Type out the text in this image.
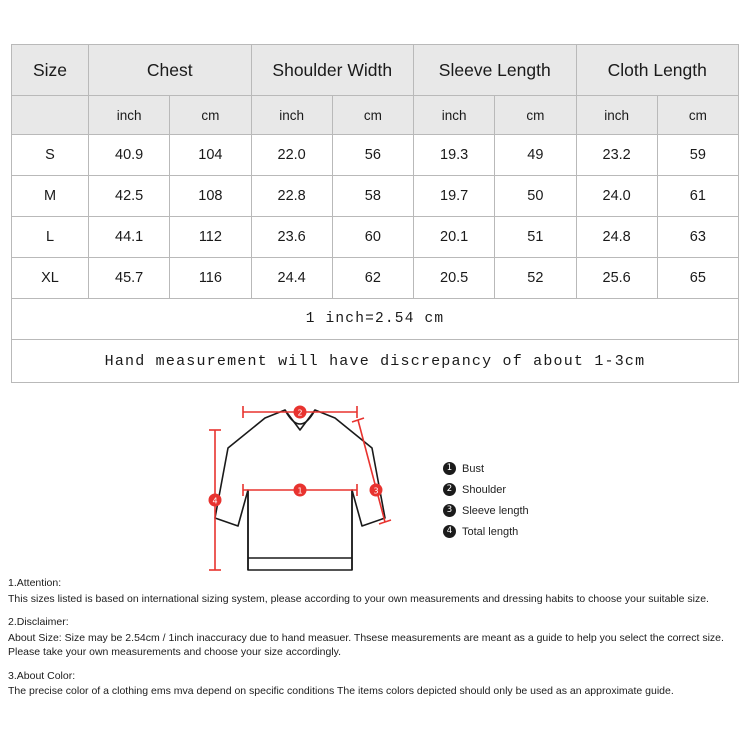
Size	Chest		Shoulder Width		Sleeve Length		Cloth Length	
	inch	cm	inch	cm	inch	cm	inch	cm
S	40.9	104	22.0	56	19.3	49	23.2	59
M	42.5	108	22.8	58	19.7	50	24.0	61
L	44.1	112	23.6	60	20.1	51	24.8	63
XL	45.7	116	24.4	62	20.5	52	25.6	65
1 inch=2.54 cm								
Hand measurement will have discrepancy of about 1-3cm								
2
1	3
4
1 Bust
2 Shoulder
3 Sleeve length
4 Total length

1.Attention:

This sizes listed is based on international sizing system, please according to your own measurements and dressing habits to choose your suitable size.

2.Disclaimer:

About Size: Size may be 2.54cm / 1inch inaccuracy due to hand measuer. Thsese measurements are meant as a guide to help you select the correct size. Please take your own measurements and choose your size accordingly.

3.About Color:

The precise color of a clothing ems mva depend on specific conditions The items colors depicted should only be used as an approximate guide.
